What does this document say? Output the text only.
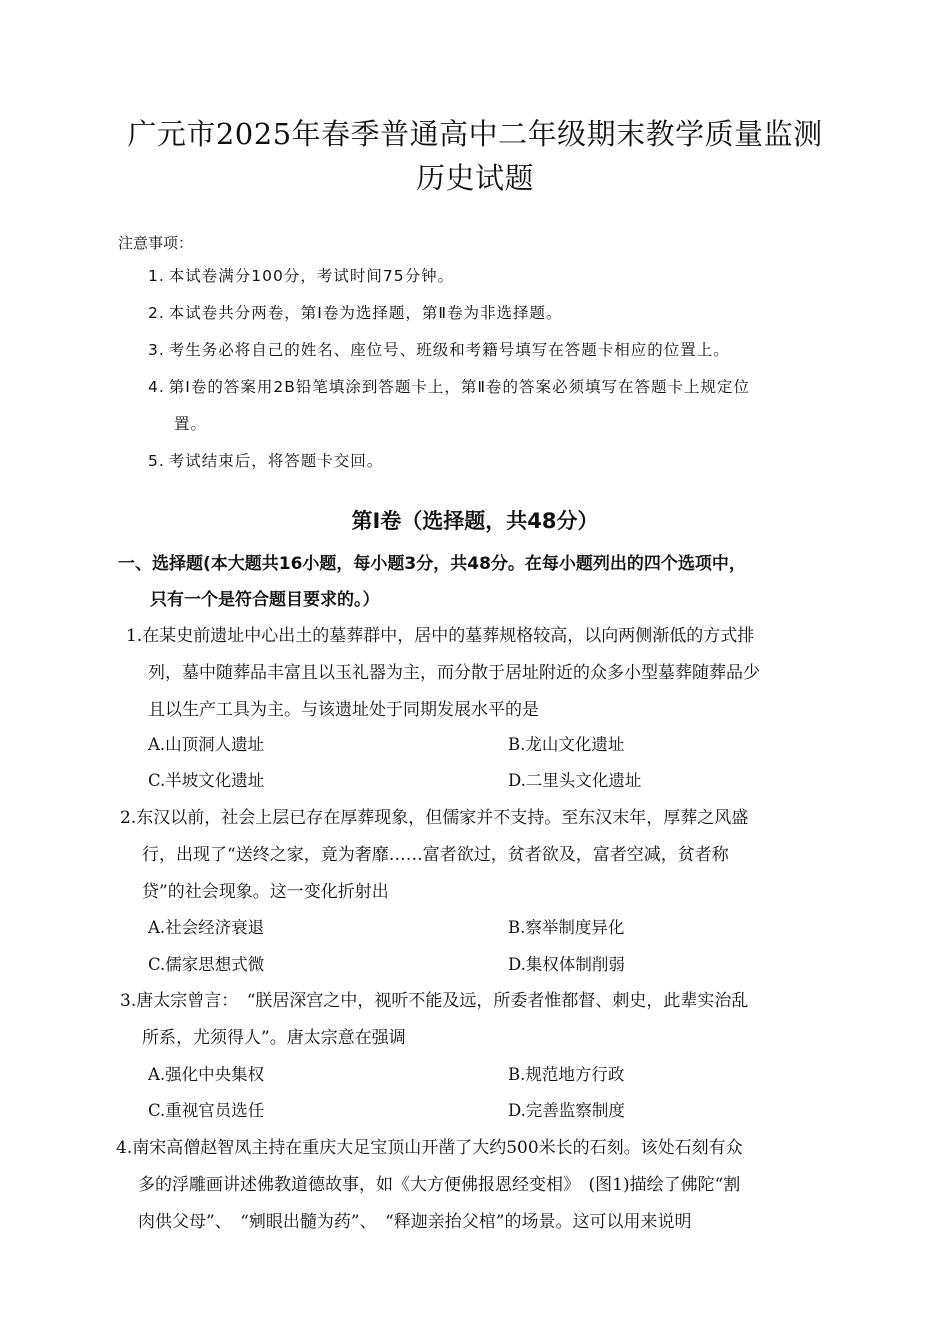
广元市2025年春季普通高中二年级期末教学质量监测
历史试题
注意事项：
1. 本试卷满分100分，考试时间75分钟。
2. 本试卷共分两卷，第Ⅰ卷为选择题，第Ⅱ卷为非选择题。
3. 考生务必将自己的姓名、座位号、班级和考籍号填写在答题卡相应的位置上。
4. 第Ⅰ卷的答案用2B铅笔填涂到答题卡上，第Ⅱ卷的答案必须填写在答题卡上规定位
置。
5. 考试结束后，将答题卡交回。
第Ⅰ卷（选择题，共48分）
一、选择题(本大题共16小题，每小题3分，共48分。在每小题列出的四个选项中，
只有一个是符合题目要求的。）
1.在某史前遗址中心出土的墓葬群中，居中的墓葬规格较高，以向两侧渐低的方式排
列，墓中随葬品丰富且以玉礼器为主，而分散于居址附近的众多小型墓葬随葬品少
且以生产工具为主。与该遗址处于同期发展水平的是
A.山顶洞人遗址	B.龙山文化遗址
C.半坡文化遗址	D.二里头文化遗址
2.东汉以前，社会上层已存在厚葬现象，但儒家并不支持。至东汉末年，厚葬之风盛
行，出现了“送终之家，竟为奢靡……富者欲过，贫者欲及，富者空减，贫者称
贷”的社会现象。这一变化折射出
A.社会经济衰退	B.察举制度异化
C.儒家思想式微	D.集权体制削弱
3.唐太宗曾言：　“朕居深宫之中，视听不能及远，所委者惟都督、刺史，此辈实治乱
所系，尤须得人”。唐太宗意在强调
A.强化中央集权	B.规范地方行政
C.重视官员选任	D.完善监察制度
4.南宋高僧赵智凤主持在重庆大足宝顶山开凿了大约500米长的石刻。该处石刻有众
多的浮雕画讲述佛教道德故事，如《大方便佛报恩经变相》　(图1)描绘了佛陀“割
肉供父母”、　“剜眼出髓为药”、　“释迦亲抬父棺”的场景。这可以用来说明
